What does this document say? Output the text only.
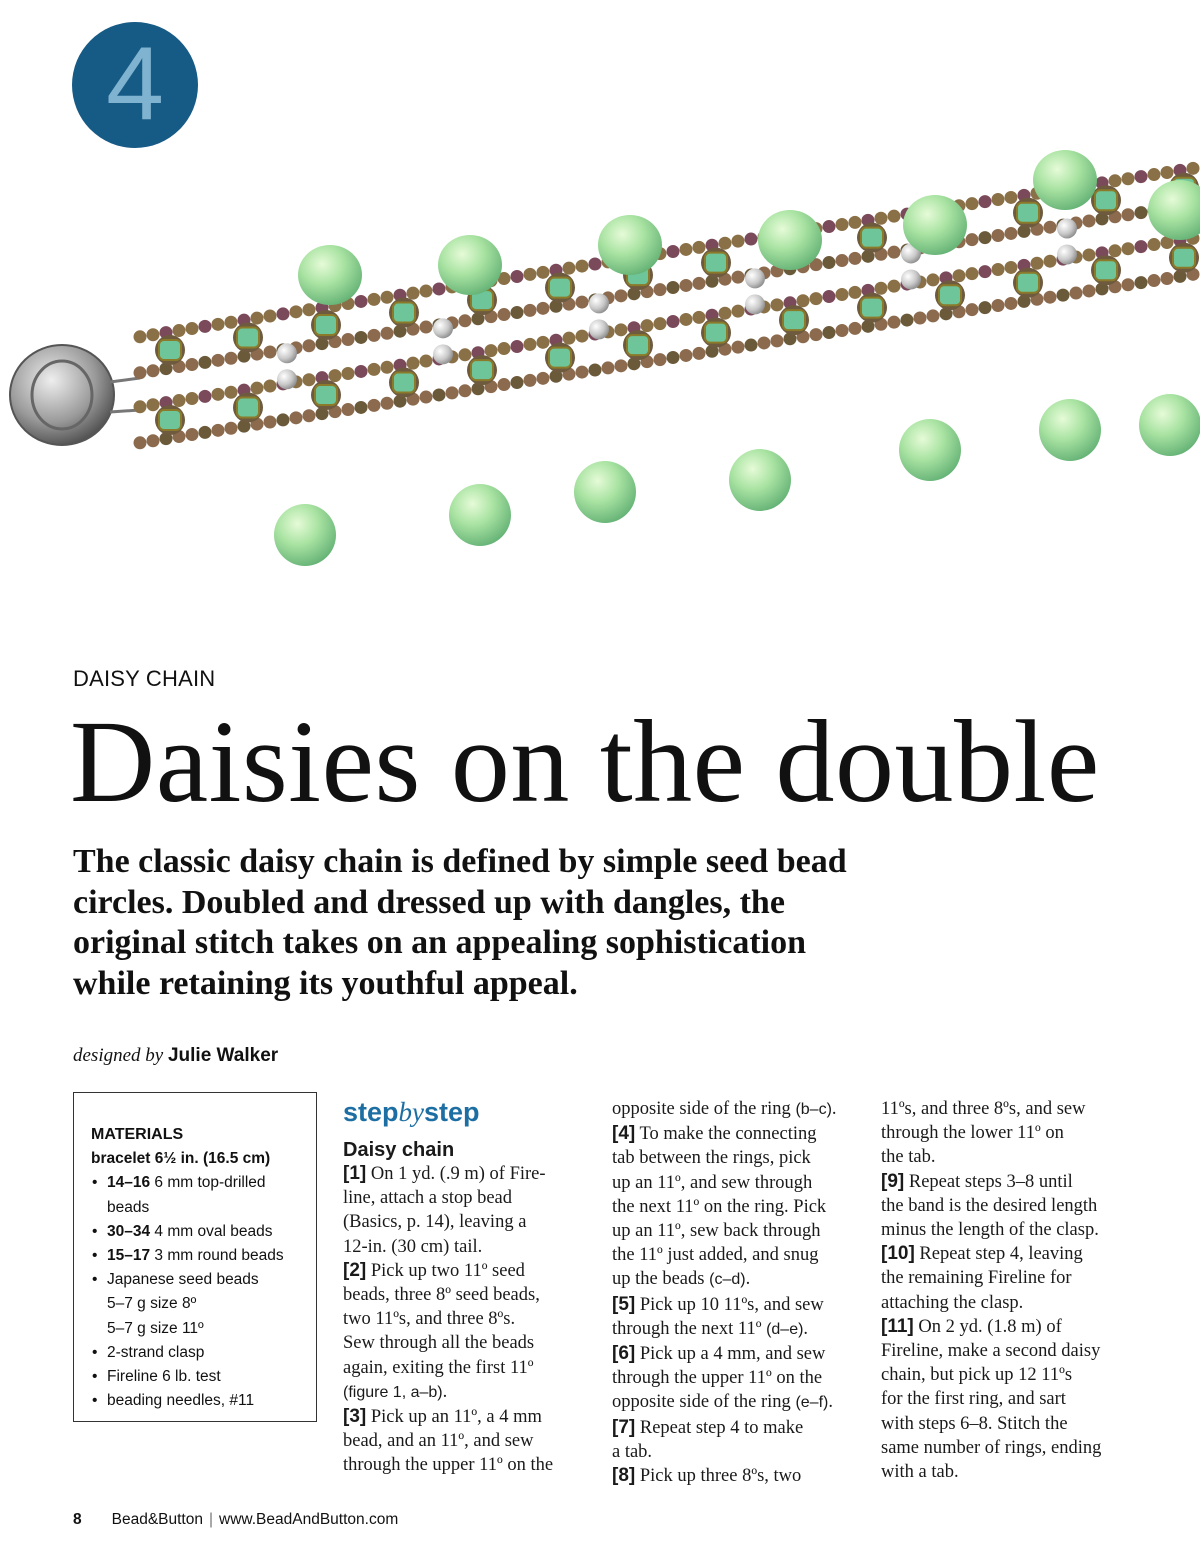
4
DAISY CHAIN
Daisies on the double
The classic daisy chain is defined by simple seed bead circles. Doubled and dressed up with dangles, the original stitch takes on an appealing sophistication while retaining its youthful appeal.
designed by Julie Walker
MATERIALS
bracelet 6½ in. (16.5 cm)
• 14–16 6 mm top-drilled
beads
• 30–34 4 mm oval beads
• 15–17 3 mm round beads
• Japanese seed beads
5–7 g size 8º
5–7 g size 11º
• 2-strand clasp
• Fireline 6 lb. test
• beading needles, #11
stepbystep
Daisy chain
[1] On 1 yd. (.9 m) of Fire-
line, attach a stop bead
(Basics, p. 14), leaving a
12-in. (30 cm) tail.
[2] Pick up two 11º seed
beads, three 8º seed beads,
two 11ºs, and three 8ºs.
Sew through all the beads
again, exiting the first 11º
(figure 1, a–b).
[3] Pick up an 11º, a 4 mm
bead, and an 11º, and sew
through the upper 11º on the
opposite side of the ring (b–c).
[4] To make the connecting
tab between the rings, pick
up an 11º, and sew through
the next 11º on the ring. Pick
up an 11º, sew back through
the 11º just added, and snug
up the beads (c–d).
[5] Pick up 10 11ºs, and sew
through the next 11º (d–e).
[6] Pick up a 4 mm, and sew
through the upper 11º on the
opposite side of the ring (e–f).
[7] Repeat step 4 to make
a tab.
[8] Pick up three 8ºs, two
11ºs, and three 8ºs, and sew
through the lower 11º on
the tab.
[9] Repeat steps 3–8 until
the band is the desired length
minus the length of the clasp.
[10] Repeat step 4, leaving
the remaining Fireline for
attaching the clasp.
[11] On 2 yd. (1.8 m) of
Fireline, make a second daisy
chain, but pick up 12 11ºs
for the first ring, and sart
with steps 6–8. Stitch the
same number of rings, ending
with a tab.
8 Bead&Button | www.BeadAndButton.com
